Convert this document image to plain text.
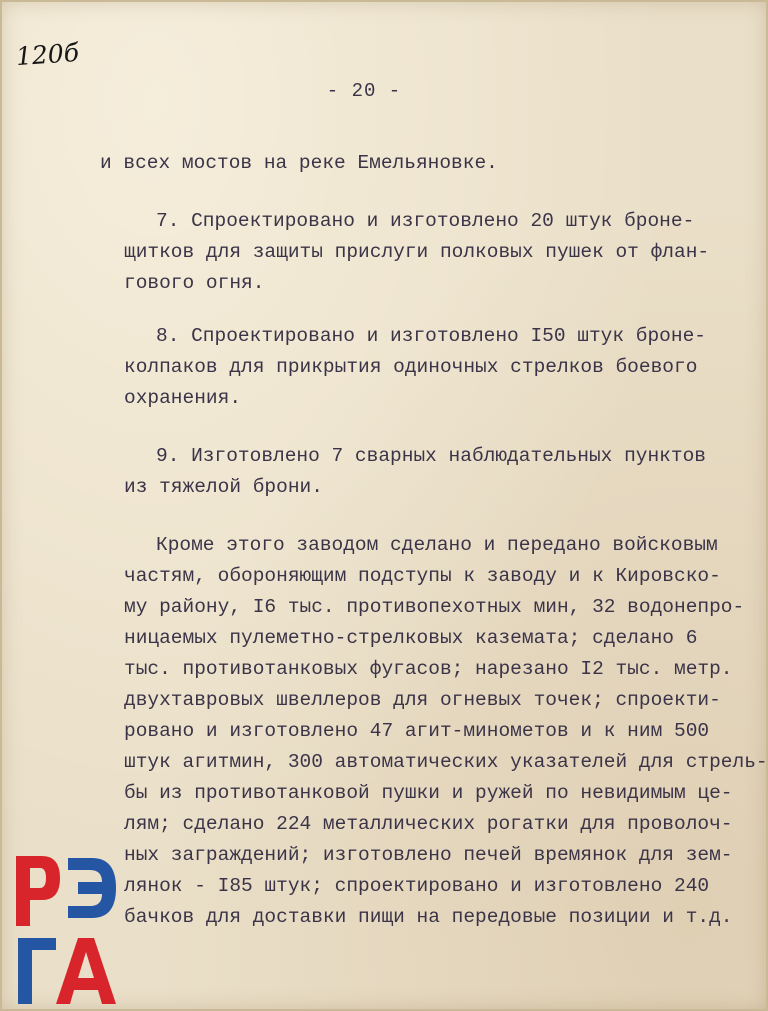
120б
- 20 -
и всех мостов на реке Емельяновке.
7. Спроектировано и изготовлено 20 штук броне-
щитков для защиты прислуги полковых пушек от флан-
гового огня.
8. Спроектировано и изготовлено I50 штук броне-
колпаков для прикрытия одиночных стрелков боевого
охранения.
9. Изготовлено 7 сварных наблюдательных пунктов
из тяжелой брони.
Кроме этого заводом сделано и передано войсковым
частям, обороняющим подступы к заводу и к Кировско-
му району, I6 тыс. противопехотных мин, 32 водонепро-
ницаемых пулеметно-стрелковых каземата; сделано 6
тыс. противотанковых фугасов; нарезано I2 тыс. метр.
двухтавровых швеллеров для огневых точек; спроекти-
ровано и изготовлено 47 агит-минометов и к ним 500
штук агитмин, 300 автоматических указателей для стрель-
бы из противотанковой пушки и ружей по невидимым це-
лям; сделано 224 металлических рогатки для проволоч-
ных заграждений; изготовлено печей времянок для зем-
лянок - I85 штук; спроектировано и изготовлено 240
бачков для доставки пищи на передовые позиции и т.д.
